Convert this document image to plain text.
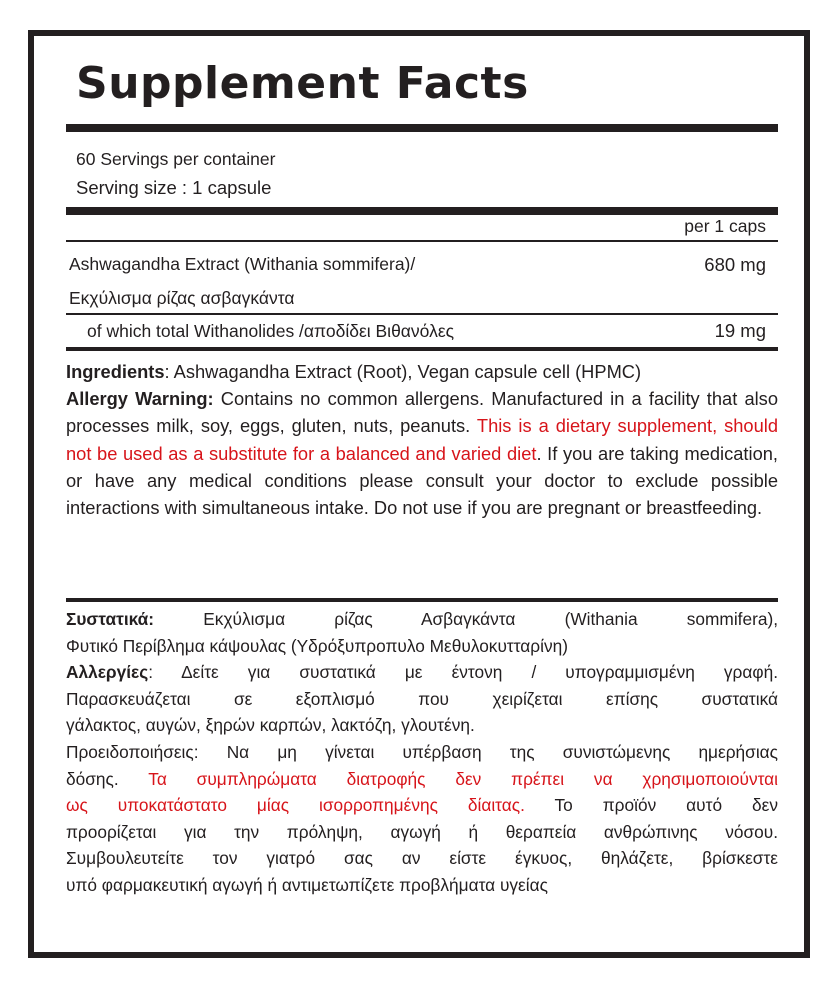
Supplement Facts
60 Servings per container
Serving size : 1 capsule
per 1 caps
Ashwagandha Extract (Withania sommifera)/	680 mg
Εκχύλισμα ρίζας ασβαγκάντα
of which total Withanolides /αποδίδει Βιθανόλες	19 mg
Ingredients: Ashwagandha Extract (Root), Vegan capsule cell (HPMC)
Allergy Warning: Contains no common allergens. Manufactured in a facility that also processes milk, soy, eggs, gluten, nuts, peanuts. This is a dietary supplement, should not be used as a substitute for a balanced and varied diet. If you are taking medication, or have any medical conditions please consult your doctor to exclude possible interactions with simultaneous intake. Do not use if you are pregnant or breastfeeding.
Συστατικά: Εκχύλισμα ρίζας Ασβαγκάντα (Withania sommifera),
Φυτικό Περίβλημα κάψουλας (Υδρόξυπροπυλο Μεθυλοκυτταρίνη)
Αλλεργίες: Δείτε για συστατικά με έντονη / υπογραμμισμένη γραφή.
Παρασκευάζεται σε εξοπλισμό που χειρίζεται επίσης συστατικά
γάλακτος, αυγών, ξηρών καρπών, λακτόζη, γλουτένη.
Προειδοποιήσεις: Να μη γίνεται υπέρβαση της συνιστώμενης ημερήσιας
δόσης. Τα συμπληρώματα διατροφής δεν πρέπει να χρησιμοποιούνται
ως υποκατάστατο μίας ισορροπημένης δίαιτας. Το προϊόν αυτό δεν
προορίζεται για την πρόληψη, αγωγή ή θεραπεία ανθρώπινης νόσου.
Συμβουλευτείτε τον γιατρό σας αν είστε έγκυος, θηλάζετε, βρίσκεστε
υπό φαρμακευτική αγωγή ή αντιμετωπίζετε προβλήματα υγείας
